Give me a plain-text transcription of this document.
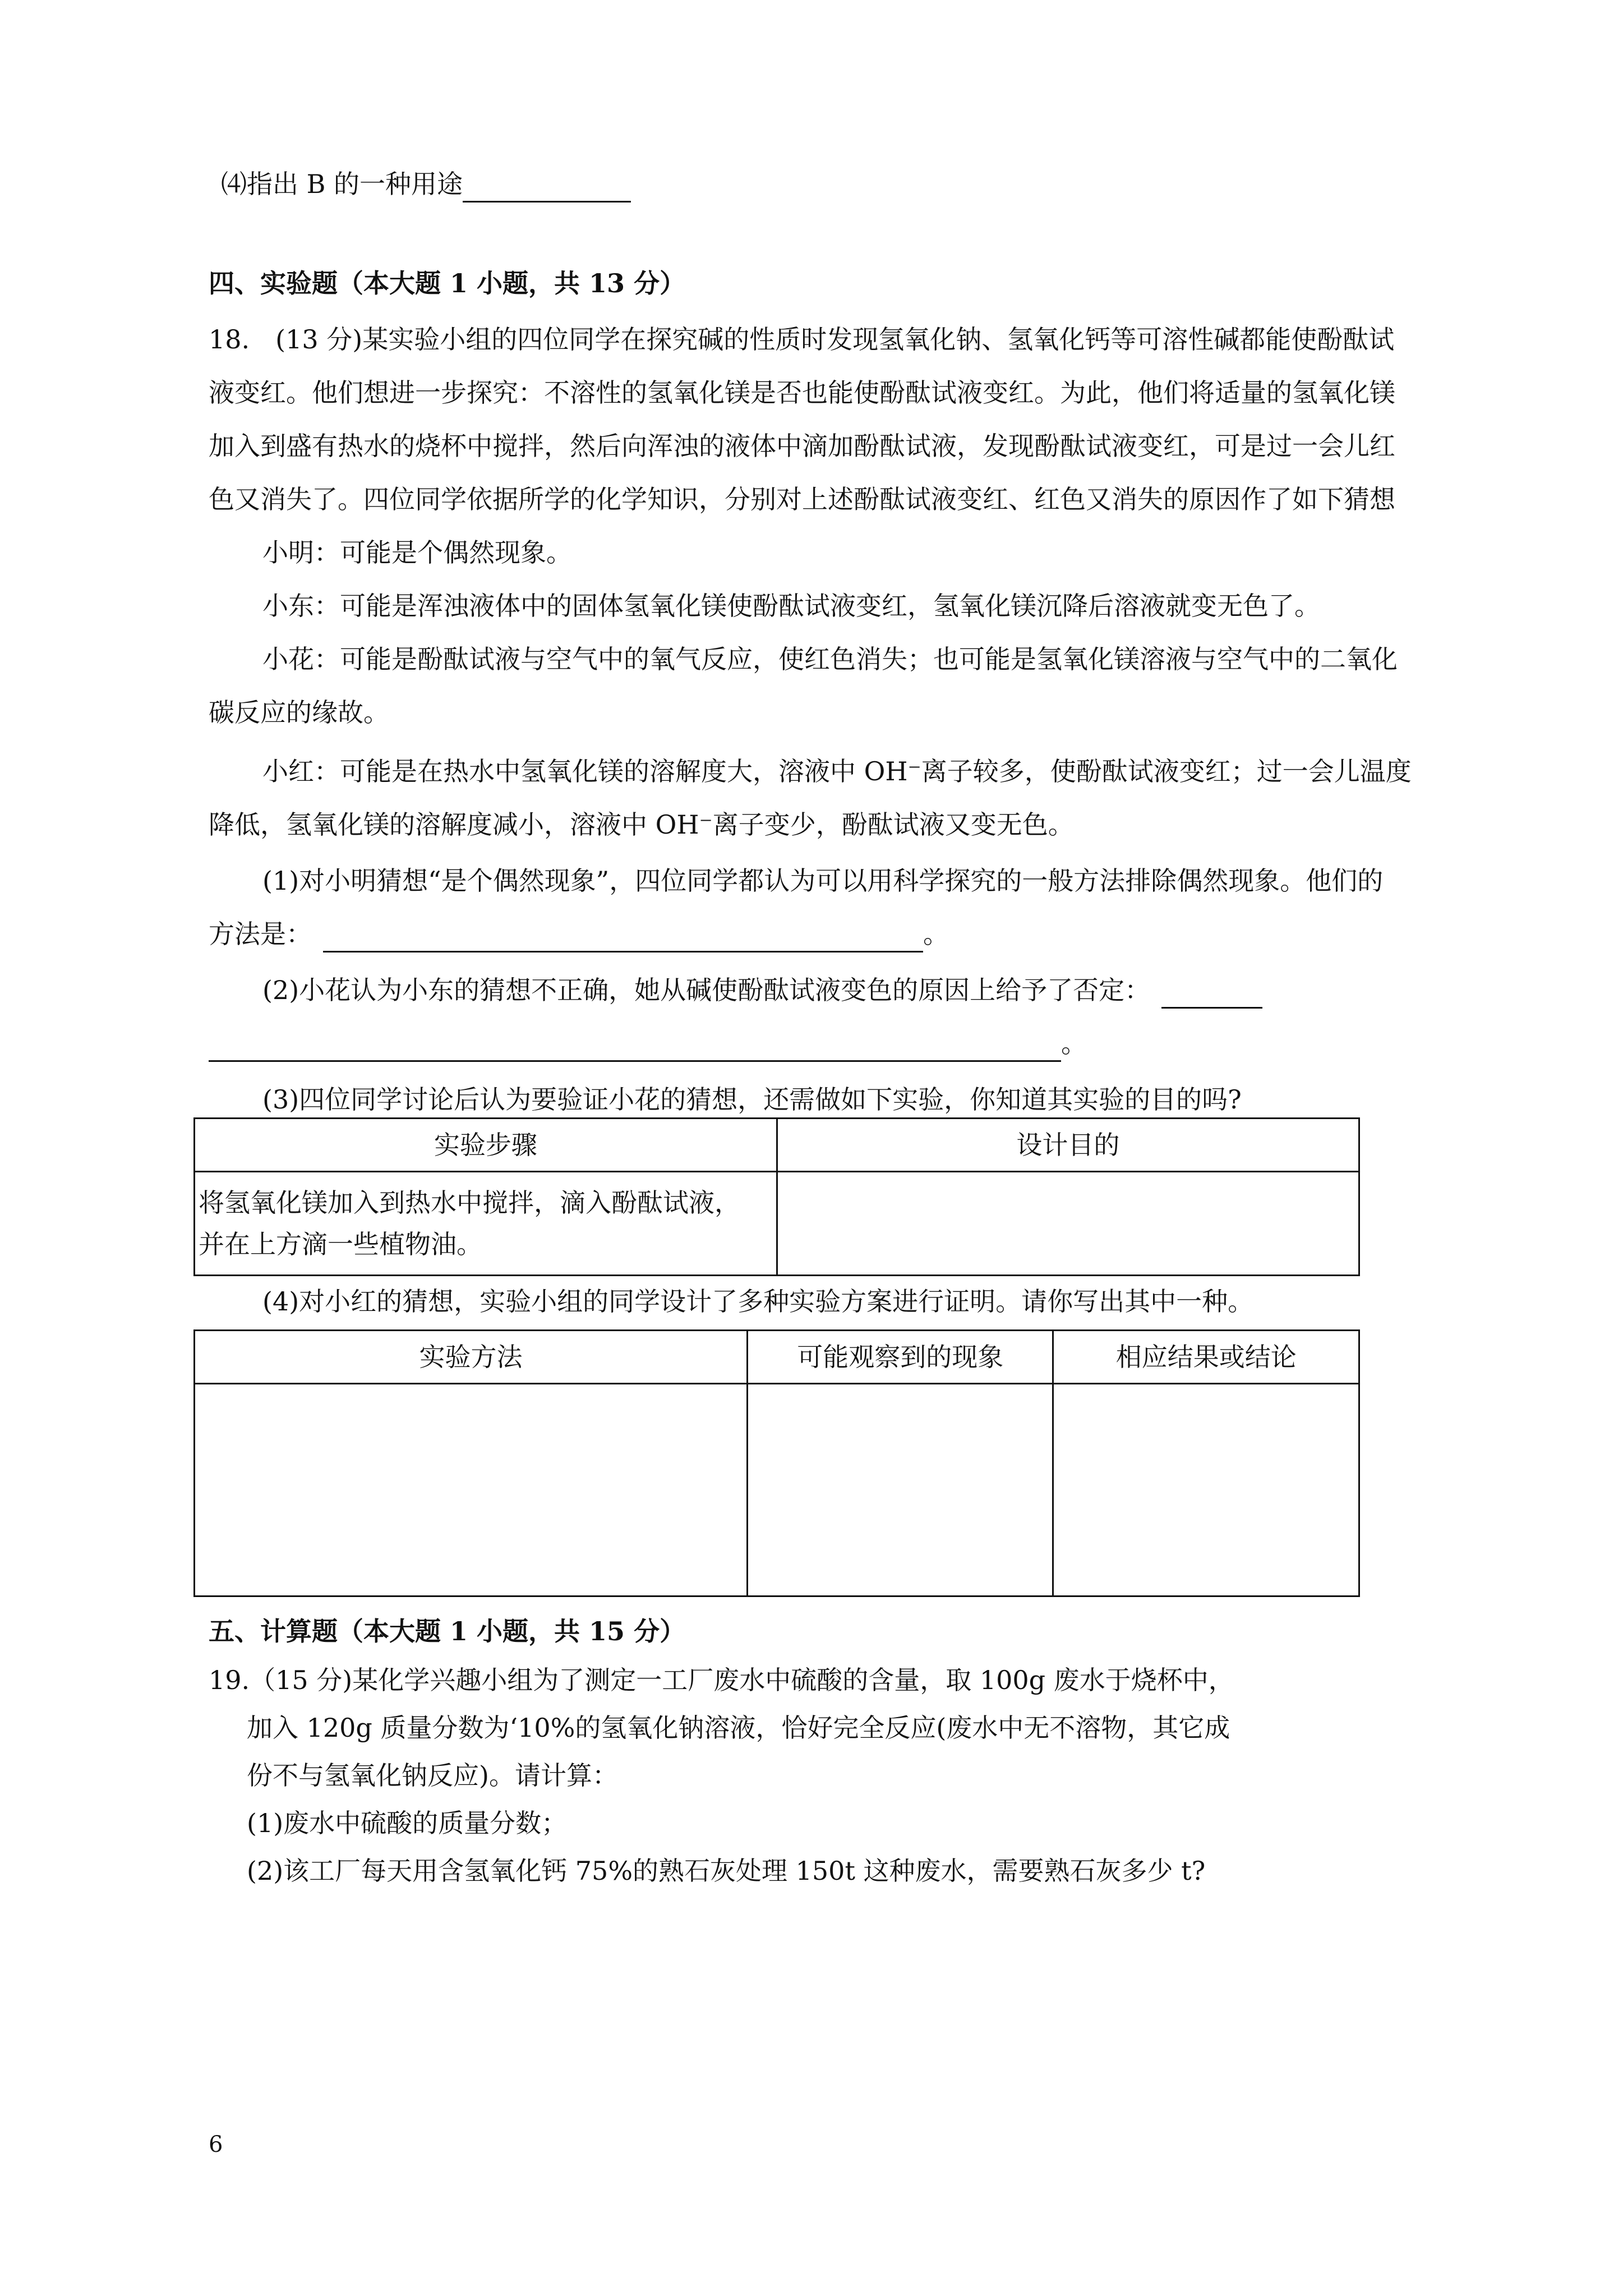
⑷指出 B 的一种用途
四、实验题（本大题 1 小题，共 13 分）
18.　(13 分)某实验小组的四位同学在探究碱的性质时发现氢氧化钠、氢氧化钙等可溶性碱都能使酚酞试
液变红。他们想进一步探究：不溶性的氢氧化镁是否也能使酚酞试液变红。为此，他们将适量的氢氧化镁
加入到盛有热水的烧杯中搅拌，然后向浑浊的液体中滴加酚酞试液，发现酚酞试液变红，可是过一会儿红
色又消失了。四位同学依据所学的化学知识，分别对上述酚酞试液变红、红色又消失的原因作了如下猜想
小明：可能是个偶然现象。
小东：可能是浑浊液体中的固体氢氧化镁使酚酞试液变红，氢氧化镁沉降后溶液就变无色了。
小花：可能是酚酞试液与空气中的氧气反应，使红色消失；也可能是氢氧化镁溶液与空气中的二氧化
碳反应的缘故。
小红：可能是在热水中氢氧化镁的溶解度大，溶液中 OH⁻离子较多，使酚酞试液变红；过一会儿温度
降低，氢氧化镁的溶解度减小，溶液中 OH⁻离子变少，酚酞试液又变无色。
(1)对小明猜想“是个偶然现象”，四位同学都认为可以用科学探究的一般方法排除偶然现象。他们的
方法是：	。
(2)小花认为小东的猜想不正确，她从碱使酚酞试液变色的原因上给予了否定：
。
(3)四位同学讨论后认为要验证小花的猜想，还需做如下实验，你知道其实验的目的吗?
实验步骤	设计目的

将氢氧化镁加入到热水中搅拌，滴入酚酞试液，
并在上方滴一些植物油。	

(4)对小红的猜想，实验小组的同学设计了多种实验方案进行证明。请你写出其中一种。
实验方法	可能观察到的现象	相应结果或结论

五、计算题（本大题 1 小题，共 15 分）
19.（15 分)某化学兴趣小组为了测定一工厂废水中硫酸的含量，取 100g 废水于烧杯中，
加入 120g 质量分数为‘10%的氢氧化钠溶液，恰好完全反应(废水中无不溶物，其它成
份不与氢氧化钠反应)。请计算：
(1)废水中硫酸的质量分数；
(2)该工厂每天用含氢氧化钙 75%的熟石灰处理 150t 这种废水，需要熟石灰多少 t?
6
